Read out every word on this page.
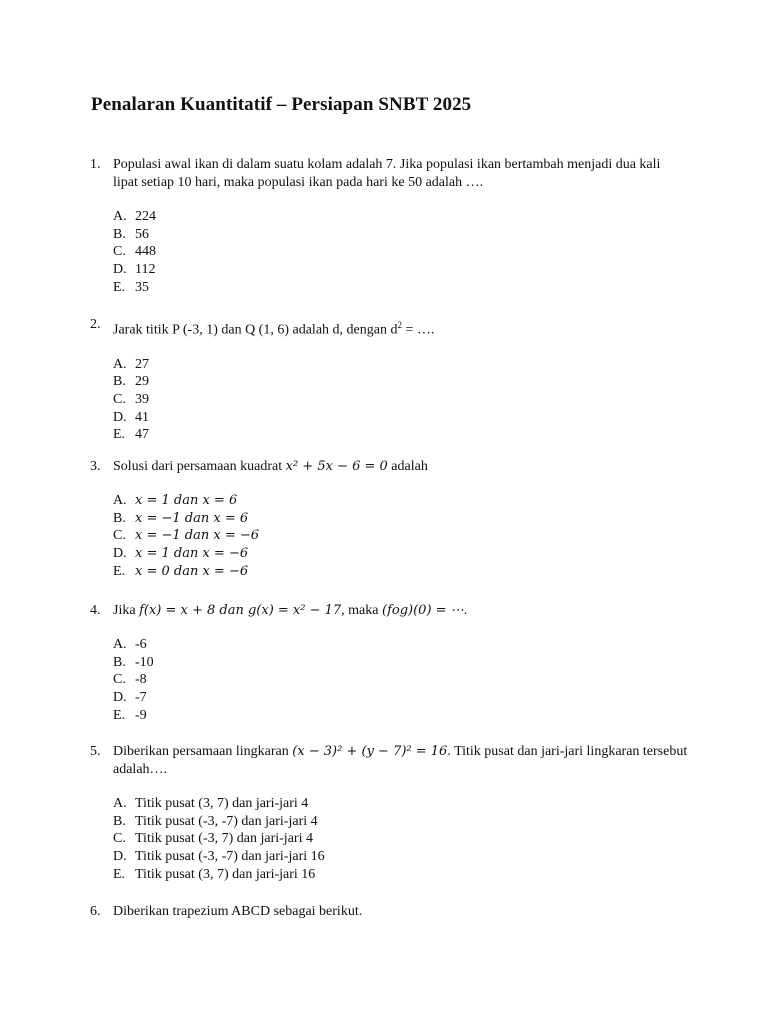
Penalaran Kuantitatif – Persiapan SNBT 2025
1. Populasi awal ikan di dalam suatu kolam adalah 7. Jika populasi ikan bertambah menjadi dua kali
lipat setiap 10 hari, maka populasi ikan pada hari ke 50 adalah ….
A. 224
B. 56
C. 448
D. 112
E. 35
2. Jarak titik P (-3, 1) dan Q (1, 6) adalah d, dengan $d^2$ = ….
A. 27
B. 29
C. 39
D. 41
E. 47
3. Solusi dari persamaan kuadrat x² + 5x − 6 = 0 adalah
A. x = 1 dan x = 6
B. x = −1 dan x = 6
C. x = −1 dan x = −6
D. x = 1 dan x = −6
E. x = 0 dan x = −6
4. Jika f(x) = x + 8 dan g(x) = x² − 17, maka (fog)(0) = ⋯.
A. -6
B. -10
C. -8
D. -7
E. -9
5. Diberikan persamaan lingkaran (x − 3)² + (y − 7)² = 16. Titik pusat dan jari-jari lingkaran tersebut
adalah….
A. Titik pusat (3, 7) dan jari-jari 4
B. Titik pusat (-3, -7) dan jari-jari 4
C. Titik pusat (-3, 7) dan jari-jari 4
D. Titik pusat (-3, -7) dan jari-jari 16
E. Titik pusat (3, 7) dan jari-jari 16
6. Diberikan trapezium ABCD sebagai berikut.
